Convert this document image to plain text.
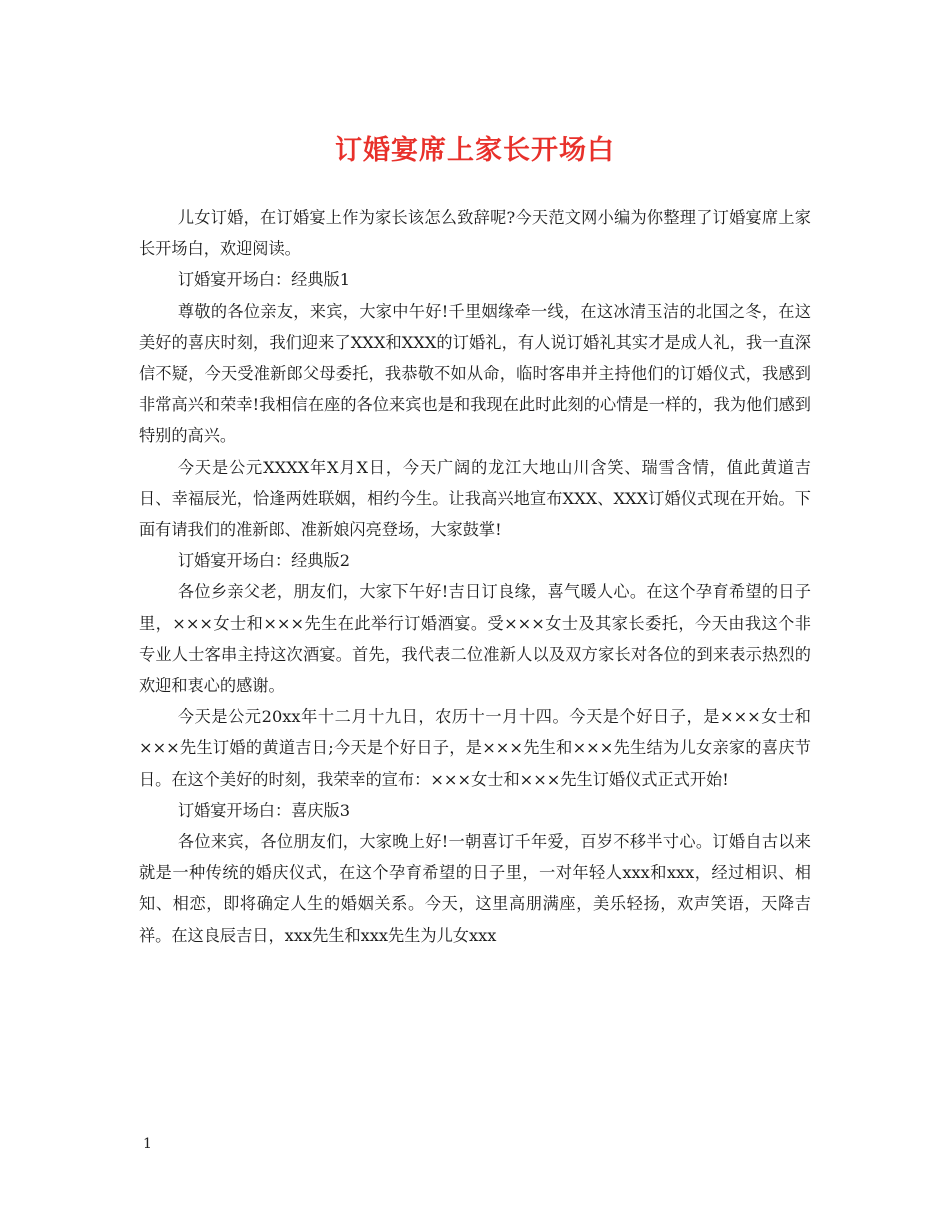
订婚宴席上家长开场白

儿女订婚，在订婚宴上作为家长该怎么致辞呢?今天范文网小编为你整理了订婚宴席上家长开场白，欢迎阅读。

订婚宴开场白：经典版1

尊敬的各位亲友，来宾，大家中午好!千里姻缘牵一线，在这冰清玉洁的北国之冬，在这美好的喜庆时刻，我们迎来了XXX和XXX的订婚礼，有人说订婚礼其实才是成人礼，我一直深信不疑，今天受准新郎父母委托，我恭敬不如从命，临时客串并主持他们的订婚仪式，我感到非常高兴和荣幸!我相信在座的各位来宾也是和我现在此时此刻的心情是一样的，我为他们感到特别的高兴。

今天是公元XXXX年X月X日，今天广阔的龙江大地山川含笑、瑞雪含情，值此黄道吉日、幸福辰光，恰逢两姓联姻，相约今生。让我高兴地宣布XXX、XXX订婚仪式现在开始。下面有请我们的准新郎、准新娘闪亮登场，大家鼓掌!

订婚宴开场白：经典版2

各位乡亲父老，朋友们，大家下午好!吉日订良缘，喜气暖人心。在这个孕育希望的日子里，×××女士和×××先生在此举行订婚酒宴。受×××女士及其家长委托，今天由我这个非专业人士客串主持这次酒宴。首先，我代表二位准新人以及双方家长对各位的到来表示热烈的欢迎和衷心的感谢。

今天是公元20xx年十二月十九日，农历十一月十四。今天是个好日子，是×××女士和×××先生订婚的黄道吉日;今天是个好日子，是×××先生和×××先生结为儿女亲家的喜庆节日。在这个美好的时刻，我荣幸的宣布：×××女士和×××先生订婚仪式正式开始!

订婚宴开场白：喜庆版3

各位来宾，各位朋友们，大家晚上好!一朝喜订千年爱，百岁不移半寸心。订婚自古以来就是一种传统的婚庆仪式，在这个孕育希望的日子里，一对年轻人xxx和xxx，经过相识、相知、相恋，即将确定人生的婚姻关系。今天，这里高朋满座，美乐轻扬，欢声笑语，天降吉祥。在这良辰吉日，xxx先生和xxx先生为儿女xxx

1
